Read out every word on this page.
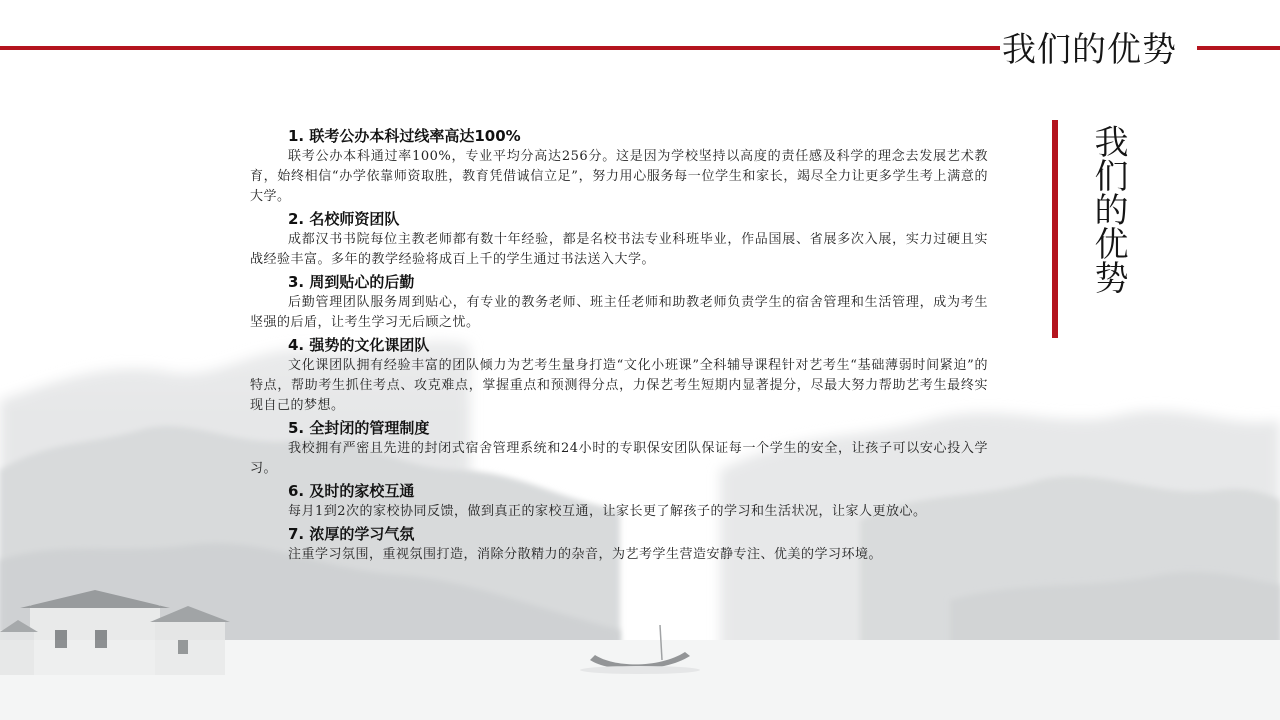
我们的优势
我们的优势

1. 联考公办本科过线率高达100%

联考公办本科通过率100%，专业平均分高达256分。这是因为学校坚持以高度的责任感及科学的理念去发展艺术教育，始终相信“办学依靠师资取胜，教育凭借诚信立足”，努力用心服务每一位学生和家长，竭尽全力让更多学生考上满意的大学。

2. 名校师资团队

成都汉书书院每位主教老师都有数十年经验，都是名校书法专业科班毕业，作品国展、省展多次入展，实力过硬且实战经验丰富。多年的教学经验将成百上千的学生通过书法送入大学。

3. 周到贴心的后勤

后勤管理团队服务周到贴心，有专业的教务老师、班主任老师和助教老师负责学生的宿舍管理和生活管理，成为考生坚强的后盾，让考生学习无后顾之忧。

4. 强势的文化课团队

文化课团队拥有经验丰富的团队倾力为艺考生量身打造“文化小班课”全科辅导课程针对艺考生“基础薄弱时间紧迫”的特点，帮助考生抓住考点、攻克难点，掌握重点和预测得分点，力保艺考生短期内显著提分，尽最大努力帮助艺考生最终实现自己的梦想。

5. 全封闭的管理制度

我校拥有严密且先进的封闭式宿舍管理系统和24小时的专职保安团队保证每一个学生的安全，让孩子可以安心投入学习。

6. 及时的家校互通

每月1到2次的家校协同反馈，做到真正的家校互通，让家长更了解孩子的学习和生活状况，让家人更放心。

7. 浓厚的学习气氛

注重学习氛围，重视氛围打造，消除分散精力的杂音，为艺考学生营造安静专注、优美的学习环境。
